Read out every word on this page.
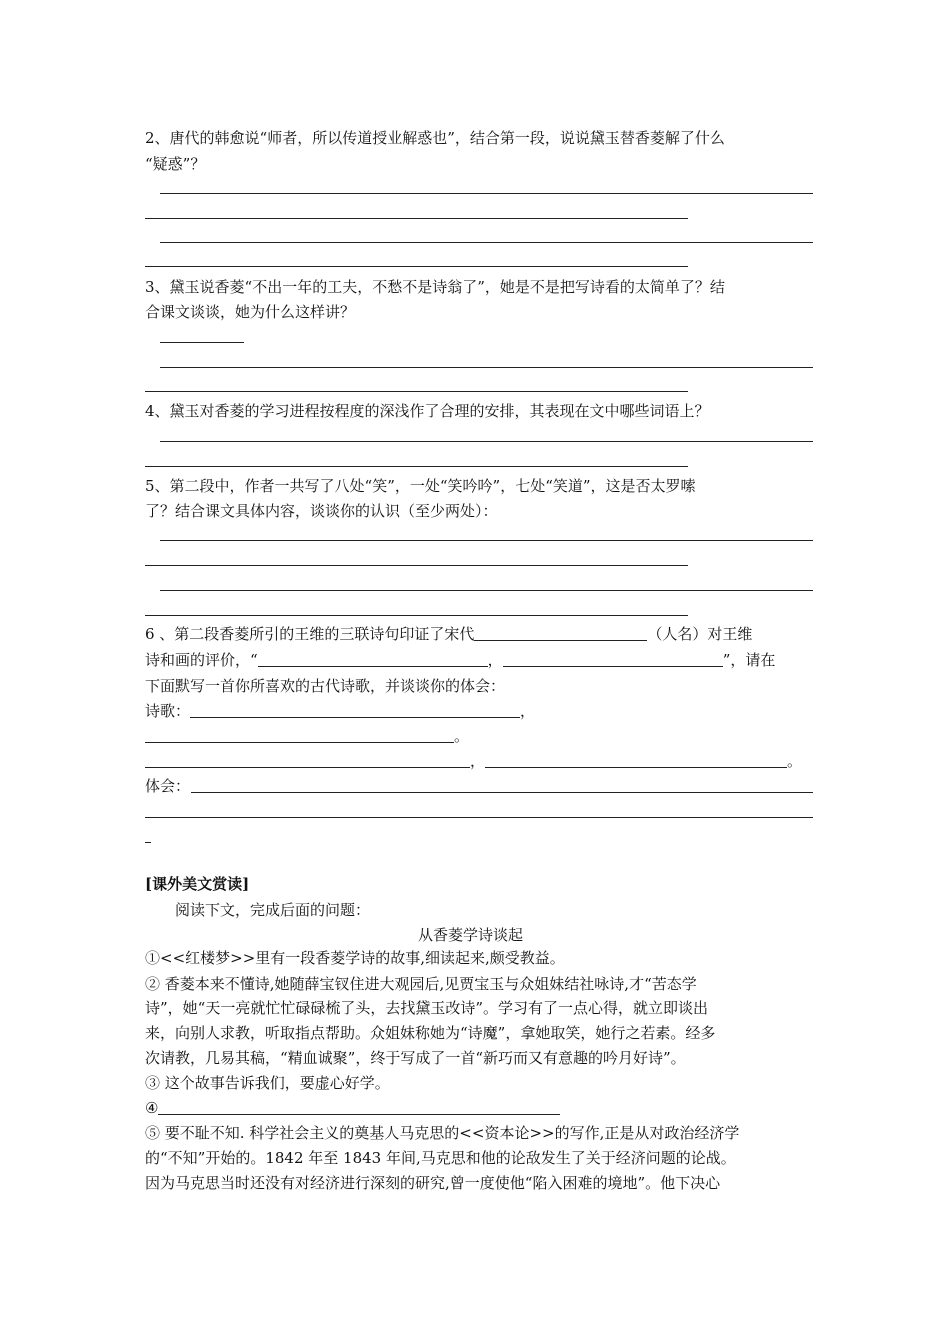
2、唐代的韩愈说“师者，所以传道授业解惑也”，结合第一段，说说黛玉替香菱解了什么
“疑惑”？
3、黛玉说香菱“不出一年的工夫，不愁不是诗翁了”，她是不是把写诗看的太简单了？结
合课文谈谈，她为什么这样讲？
4、黛玉对香菱的学习进程按程度的深浅作了合理的安排，其表现在文中哪些词语上？
5、第二段中，作者一共写了八处“笑”，一处“笑吟吟”，七处“笑道”，这是否太罗嗦
了？结合课文具体内容，谈谈你的认识（至少两处）：
6 、第二段香菱所引的王维的三联诗句印证了宋代	（人名）对王维
诗和画的评价，“	，	”，请在
下面默写一首你所喜欢的古代诗歌，并谈谈你的体会：
诗歌：	，
。
，	。
体会：
[课外美文赏读]
阅读下文，完成后面的问题：
从香菱学诗谈起
①<<红楼梦>>里有一段香菱学诗的故事,细读起来,颇受教益。
② 香菱本来不懂诗,她随薛宝钗住进大观园后,见贾宝玉与众姐妹结社咏诗,才“苦态学
诗”，她“天一亮就忙忙碌碌梳了头，去找黛玉改诗”。学习有了一点心得，就立即谈出
来，向别人求教，听取指点帮助。众姐妹称她为“诗魔”，拿她取笑，她行之若素。经多
次请教，几易其稿，“精血诚聚”，终于写成了一首“新巧而又有意趣的吟月好诗”。
③ 这个故事告诉我们，要虚心好学。
④
⑤ 要不耻不知. 科学社会主义的奠基人马克思的<<资本论>>的写作,正是从对政治经济学
的“不知”开始的。1842 年至 1843 年间,马克思和他的论敌发生了关于经济问题的论战。
因为马克思当时还没有对经济进行深刻的研究,曾一度使他“陷入困难的境地”。他下决心
